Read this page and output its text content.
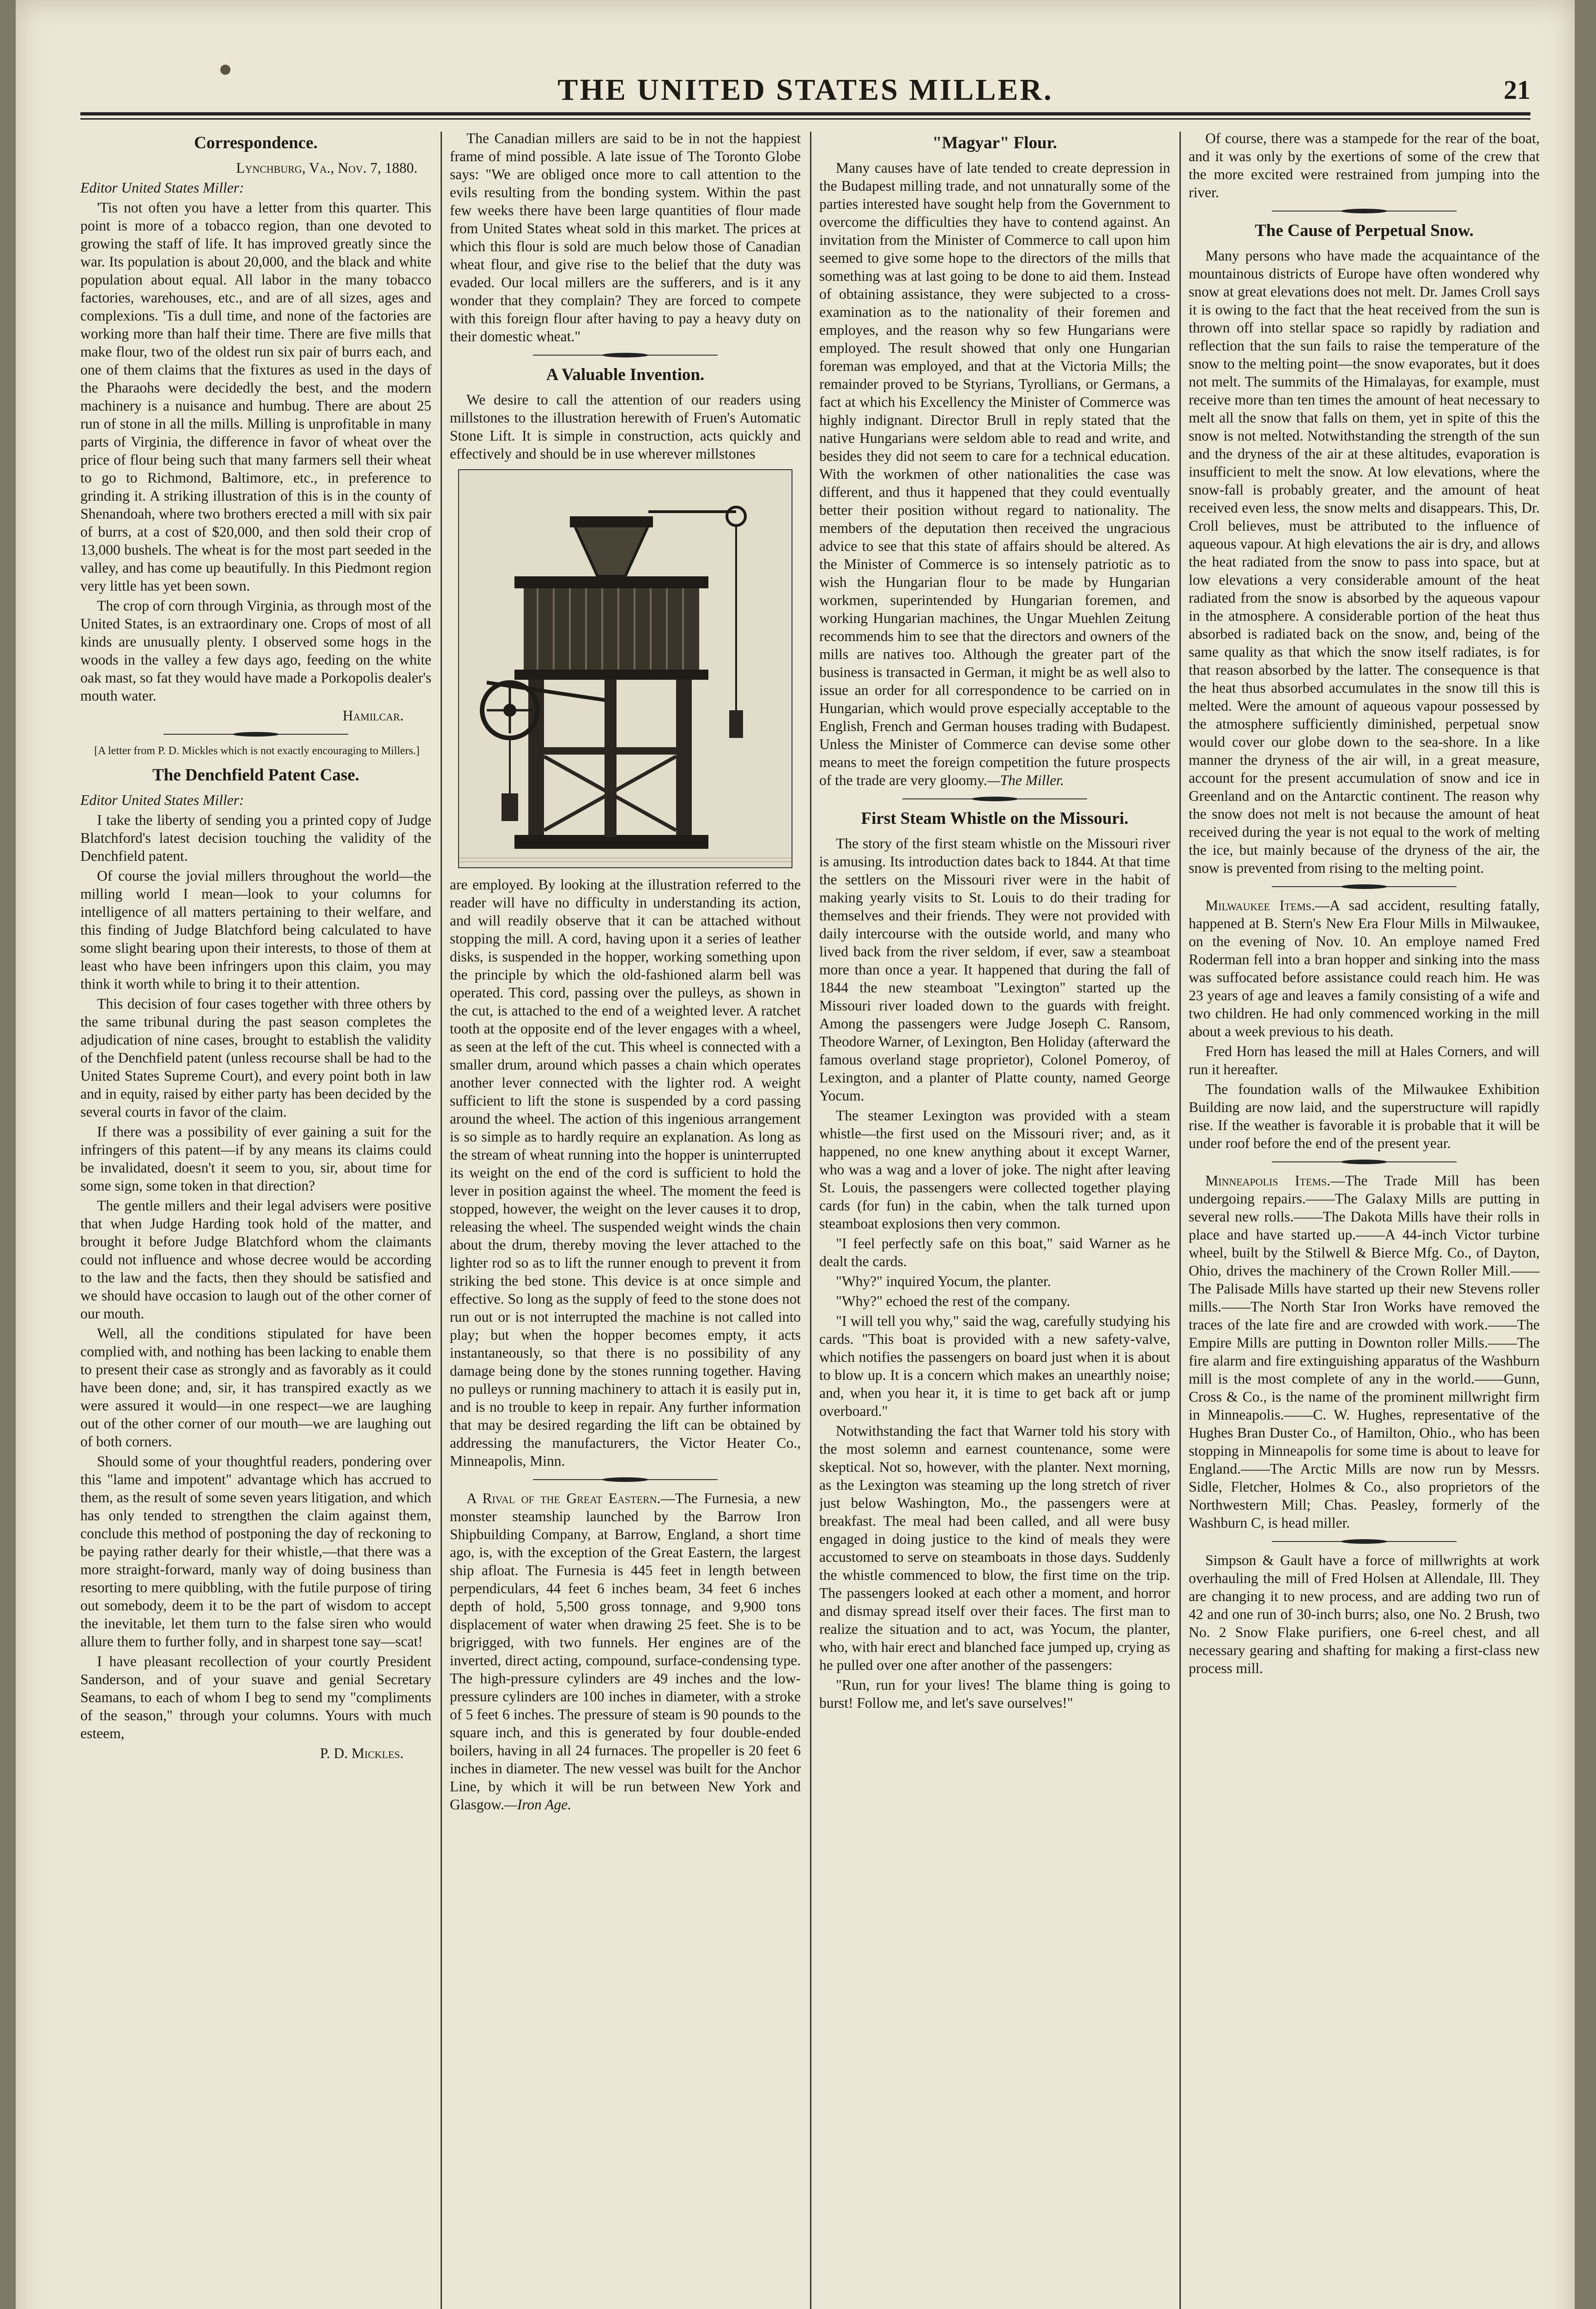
THE UNITED STATES MILLER.	21
Correspondence.

Lynchburg, Va., Nov. 7, 1880.

Editor United States Miller:

'Tis not often you have a letter from this quarter. This point is more of a tobacco region, than one devoted to growing the staff of life. It has improved greatly since the war. Its population is about 20,000, and the black and white population about equal. All labor in the many tobacco factories, warehouses, etc., and are of all sizes, ages and complexions. 'Tis a dull time, and none of the factories are working more than half their time. There are five mills that make flour, two of the oldest run six pair of burrs each, and one of them claims that the fixtures as used in the days of the Pharaohs were decidedly the best, and the modern machinery is a nuisance and humbug. There are about 25 run of stone in all the mills. Milling is unprofitable in many parts of Virginia, the difference in favor of wheat over the price of flour being such that many farmers sell their wheat to go to Richmond, Baltimore, etc., in preference to grinding it. A striking illustration of this is in the county of Shenandoah, where two brothers erected a mill with six pair of burrs, at a cost of $20,000, and then sold their crop of 13,000 bushels. The wheat is for the most part seeded in the valley, and has come up beautifully. In this Piedmont region very little has yet been sown.

The crop of corn through Virginia, as through most of the United States, is an extraordinary one. Crops of most of all kinds are unusually plenty. I observed some hogs in the woods in the valley a few days ago, feeding on the white oak mast, so fat they would have made a Porkopolis dealer's mouth water.

Hamilcar.

[A letter from P. D. Mickles which is not exactly encouraging to Millers.]

The Denchfield Patent Case.

Editor United States Miller:

I take the liberty of sending you a printed copy of Judge Blatchford's latest decision touching the validity of the Denchfield patent.

Of course the jovial millers throughout the world—the milling world I mean—look to your columns for intelligence of all matters pertaining to their welfare, and this finding of Judge Blatchford being calculated to have some slight bearing upon their interests, to those of them at least who have been infringers upon this claim, you may think it worth while to bring it to their attention.

This decision of four cases together with three others by the same tribunal during the past season completes the adjudication of nine cases, brought to establish the validity of the Denchfield patent (unless recourse shall be had to the United States Supreme Court), and every point both in law and in equity, raised by either party has been decided by the several courts in favor of the claim.

If there was a possibility of ever gaining a suit for the infringers of this patent—if by any means its claims could be invalidated, doesn't it seem to you, sir, about time for some sign, some token in that direction?

The gentle millers and their legal advisers were positive that when Judge Harding took hold of the matter, and brought it before Judge Blatchford whom the claimants could not influence and whose decree would be according to the law and the facts, then they should be satisfied and we should have occasion to laugh out of the other corner of our mouth.

Well, all the conditions stipulated for have been complied with, and nothing has been lacking to enable them to present their case as strongly and as favorably as it could have been done; and, sir, it has transpired exactly as we were assured it would—in one respect—we are laughing out of the other corner of our mouth—we are laughing out of both corners.

Should some of your thoughtful readers, pondering over this "lame and impotent" advantage which has accrued to them, as the result of some seven years litigation, and which has only tended to strengthen the claim against them, conclude this method of postponing the day of reckoning to be paying rather dearly for their whistle,—that there was a more straight-forward, manly way of doing business than resorting to mere quibbling, with the futile purpose of tiring out somebody, deem it to be the part of wisdom to accept the inevitable, let them turn to the false siren who would allure them to further folly, and in sharpest tone say—scat!

I have pleasant recollection of your courtly President Sanderson, and of your suave and genial Secretary Seamans, to each of whom I beg to send my "compliments of the season," through your columns. Yours with much esteem,

P. D. Mickles.

The Canadian millers are said to be in not the happiest frame of mind possible. A late issue of The Toronto Globe says: "We are obliged once more to call attention to the evils resulting from the bonding system. Within the past few weeks there have been large quantities of flour made from United States wheat sold in this market. The prices at which this flour is sold are much below those of Canadian wheat flour, and give rise to the belief that the duty was evaded. Our local millers are the sufferers, and is it any wonder that they complain? They are forced to compete with this foreign flour after having to pay a heavy duty on their domestic wheat."

A Valuable Invention.

We desire to call the attention of our readers using millstones to the illustration herewith of Fruen's Automatic Stone Lift. It is simple in construction, acts quickly and effectively and should be in use wherever millstones

are employed. By looking at the illustration referred to the reader will have no difficulty in understanding its action, and will readily observe that it can be attached without stopping the mill. A cord, having upon it a series of leather disks, is suspended in the hopper, working something upon the principle by which the old-fashioned alarm bell was operated. This cord, passing over the pulleys, as shown in the cut, is attached to the end of a weighted lever. A ratchet tooth at the opposite end of the lever engages with a wheel, as seen at the left of the cut. This wheel is connected with a smaller drum, around which passes a chain which operates another lever connected with the lighter rod. A weight sufficient to lift the stone is suspended by a cord passing around the wheel. The action of this ingenious arrangement is so simple as to hardly require an explanation. As long as the stream of wheat running into the hopper is uninterrupted its weight on the end of the cord is sufficient to hold the lever in position against the wheel. The moment the feed is stopped, however, the weight on the lever causes it to drop, releasing the wheel. The suspended weight winds the chain about the drum, thereby moving the lever attached to the lighter rod so as to lift the runner enough to prevent it from striking the bed stone. This device is at once simple and effective. So long as the supply of feed to the stone does not run out or is not interrupted the machine is not called into play; but when the hopper becomes empty, it acts instantaneously, so that there is no possibility of any damage being done by the stones running together. Having no pulleys or running machinery to attach it is easily put in, and is no trouble to keep in repair. Any further information that may be desired regarding the lift can be obtained by addressing the manufacturers, the Victor Heater Co., Minneapolis, Minn.

A Rival of the Great Eastern.—The Furnesia, a new monster steamship launched by the Barrow Iron Shipbuilding Company, at Barrow, England, a short time ago, is, with the exception of the Great Eastern, the largest ship afloat. The Furnesia is 445 feet in length between perpendiculars, 44 feet 6 inches beam, 34 feet 6 inches depth of hold, 5,500 gross tonnage, and 9,900 tons displacement of water when drawing 25 feet. She is to be brigrigged, with two funnels. Her engines are of the inverted, direct acting, compound, surface-condensing type. The high-pressure cylinders are 49 inches and the low-pressure cylinders are 100 inches in diameter, with a stroke of 5 feet 6 inches. The pressure of steam is 90 pounds to the square inch, and this is generated by four double-ended boilers, having in all 24 furnaces. The propeller is 20 feet 6 inches in diameter. The new vessel was built for the Anchor Line, by which it will be run between New York and Glasgow.—Iron Age.

"Magyar" Flour.

Many causes have of late tended to create depression in the Budapest milling trade, and not unnaturally some of the parties interested have sought help from the Government to overcome the difficulties they have to contend against. An invitation from the Minister of Commerce to call upon him seemed to give some hope to the directors of the mills that something was at last going to be done to aid them. Instead of obtaining assistance, they were subjected to a cross-examination as to the nationality of their foremen and employes, and the reason why so few Hungarians were employed. The result showed that only one Hungarian foreman was employed, and that at the Victoria Mills; the remainder proved to be Styrians, Tyrollians, or Germans, a fact at which his Excellency the Minister of Commerce was highly indignant. Director Brull in reply stated that the native Hungarians were seldom able to read and write, and besides they did not seem to care for a technical education. With the workmen of other nationalities the case was different, and thus it happened that they could eventually better their position without regard to nationality. The members of the deputation then received the ungracious advice to see that this state of affairs should be altered. As the Minister of Commerce is so intensely patriotic as to wish the Hungarian flour to be made by Hungarian workmen, superintended by Hungarian foremen, and working Hungarian machines, the Ungar Muehlen Zeitung recommends him to see that the directors and owners of the mills are natives too. Although the greater part of the business is transacted in German, it might be as well also to issue an order for all correspondence to be carried on in Hungarian, which would prove especially acceptable to the English, French and German houses trading with Budapest. Unless the Minister of Commerce can devise some other means to meet the foreign competition the future prospects of the trade are very gloomy.—The Miller.

First Steam Whistle on the Missouri.

The story of the first steam whistle on the Missouri river is amusing. Its introduction dates back to 1844. At that time the settlers on the Missouri river were in the habit of making yearly visits to St. Louis to do their trading for themselves and their friends. They were not provided with daily intercourse with the outside world, and many who lived back from the river seldom, if ever, saw a steamboat more than once a year. It happened that during the fall of 1844 the new steamboat "Lexington" started up the Missouri river loaded down to the guards with freight. Among the passengers were Judge Joseph C. Ransom, Theodore Warner, of Lexington, Ben Holiday (afterward the famous overland stage proprietor), Colonel Pomeroy, of Lexington, and a planter of Platte county, named George Yocum.

The steamer Lexington was provided with a steam whistle—the first used on the Missouri river; and, as it happened, no one knew anything about it except Warner, who was a wag and a lover of joke. The night after leaving St. Louis, the passengers were collected together playing cards (for fun) in the cabin, when the talk turned upon steamboat explosions then very common.

"I feel perfectly safe on this boat," said Warner as he dealt the cards.

"Why?" inquired Yocum, the planter.

"Why?" echoed the rest of the company.

"I will tell you why," said the wag, carefully studying his cards. "This boat is provided with a new safety-valve, which notifies the passengers on board just when it is about to blow up. It is a concern which makes an unearthly noise; and, when you hear it, it is time to get back aft or jump overboard."

Notwithstanding the fact that Warner told his story with the most solemn and earnest countenance, some were skeptical. Not so, however, with the planter. Next morning, as the Lexington was steaming up the long stretch of river just below Washington, Mo., the passengers were at breakfast. The meal had been called, and all were busy engaged in doing justice to the kind of meals they were accustomed to serve on steamboats in those days. Suddenly the whistle commenced to blow, the first time on the trip. The passengers looked at each other a moment, and horror and dismay spread itself over their faces. The first man to realize the situation and to act, was Yocum, the planter, who, with hair erect and blanched face jumped up, crying as he pulled over one after another of the passengers:

"Run, run for your lives! The blame thing is going to burst! Follow me, and let's save ourselves!"

Of course, there was a stampede for the rear of the boat, and it was only by the exertions of some of the crew that the more excited were restrained from jumping into the river.

The Cause of Perpetual Snow.

Many persons who have made the acquaintance of the mountainous districts of Europe have often wondered why snow at great elevations does not melt. Dr. James Croll says it is owing to the fact that the heat received from the sun is thrown off into stellar space so rapidly by radiation and reflection that the sun fails to raise the temperature of the snow to the melting point—the snow evaporates, but it does not melt. The summits of the Himalayas, for example, must receive more than ten times the amount of heat necessary to melt all the snow that falls on them, yet in spite of this the snow is not melted. Notwithstanding the strength of the sun and the dryness of the air at these altitudes, evaporation is insufficient to melt the snow. At low elevations, where the snow-fall is probably greater, and the amount of heat received even less, the snow melts and disappears. This, Dr. Croll believes, must be attributed to the influence of aqueous vapour. At high elevations the air is dry, and allows the heat radiated from the snow to pass into space, but at low elevations a very considerable amount of the heat radiated from the snow is absorbed by the aqueous vapour in the atmosphere. A considerable portion of the heat thus absorbed is radiated back on the snow, and, being of the same quality as that which the snow itself radiates, is for that reason absorbed by the latter. The consequence is that the heat thus absorbed accumulates in the snow till this is melted. Were the amount of aqueous vapour possessed by the atmosphere sufficiently diminished, perpetual snow would cover our globe down to the sea-shore. In a like manner the dryness of the air will, in a great measure, account for the present accumulation of snow and ice in Greenland and on the Antarctic continent. The reason why the snow does not melt is not because the amount of heat received during the year is not equal to the work of melting the ice, but mainly because of the dryness of the air, the snow is prevented from rising to the melting point.

Milwaukee Items.—A sad accident, resulting fatally, happened at B. Stern's New Era Flour Mills in Milwaukee, on the evening of Nov. 10. An employe named Fred Roderman fell into a bran hopper and sinking into the mass was suffocated before assistance could reach him. He was 23 years of age and leaves a family consisting of a wife and two children. He had only commenced working in the mill about a week previous to his death.

Fred Horn has leased the mill at Hales Corners, and will run it hereafter.

The foundation walls of the Milwaukee Exhibition Building are now laid, and the superstructure will rapidly rise. If the weather is favorable it is probable that it will be under roof before the end of the present year.

Minneapolis Items.—The Trade Mill has been undergoing repairs.——The Galaxy Mills are putting in several new rolls.——The Dakota Mills have their rolls in place and have started up.——A 44-inch Victor turbine wheel, built by the Stilwell & Bierce Mfg. Co., of Dayton, Ohio, drives the machinery of the Crown Roller Mill.——The Palisade Mills have started up their new Stevens roller mills.——The North Star Iron Works have removed the traces of the late fire and are crowded with work.——The Empire Mills are putting in Downton roller Mills.——The fire alarm and fire extinguishing apparatus of the Washburn mill is the most complete of any in the world.——Gunn, Cross & Co., is the name of the prominent millwright firm in Minneapolis.——C. W. Hughes, representative of the Hughes Bran Duster Co., of Hamilton, Ohio., who has been stopping in Minneapolis for some time is about to leave for England.——The Arctic Mills are now run by Messrs. Sidle, Fletcher, Holmes & Co., also proprietors of the Northwestern Mill; Chas. Peasley, formerly of the Washburn C, is head miller.

Simpson & Gault have a force of millwrights at work overhauling the mill of Fred Holsen at Allendale, Ill. They are changing it to new process, and are adding two run of 42 and one run of 30-inch burrs; also, one No. 2 Brush, two No. 2 Snow Flake purifiers, one 6-reel chest, and all necessary gearing and shafting for making a first-class new process mill.
